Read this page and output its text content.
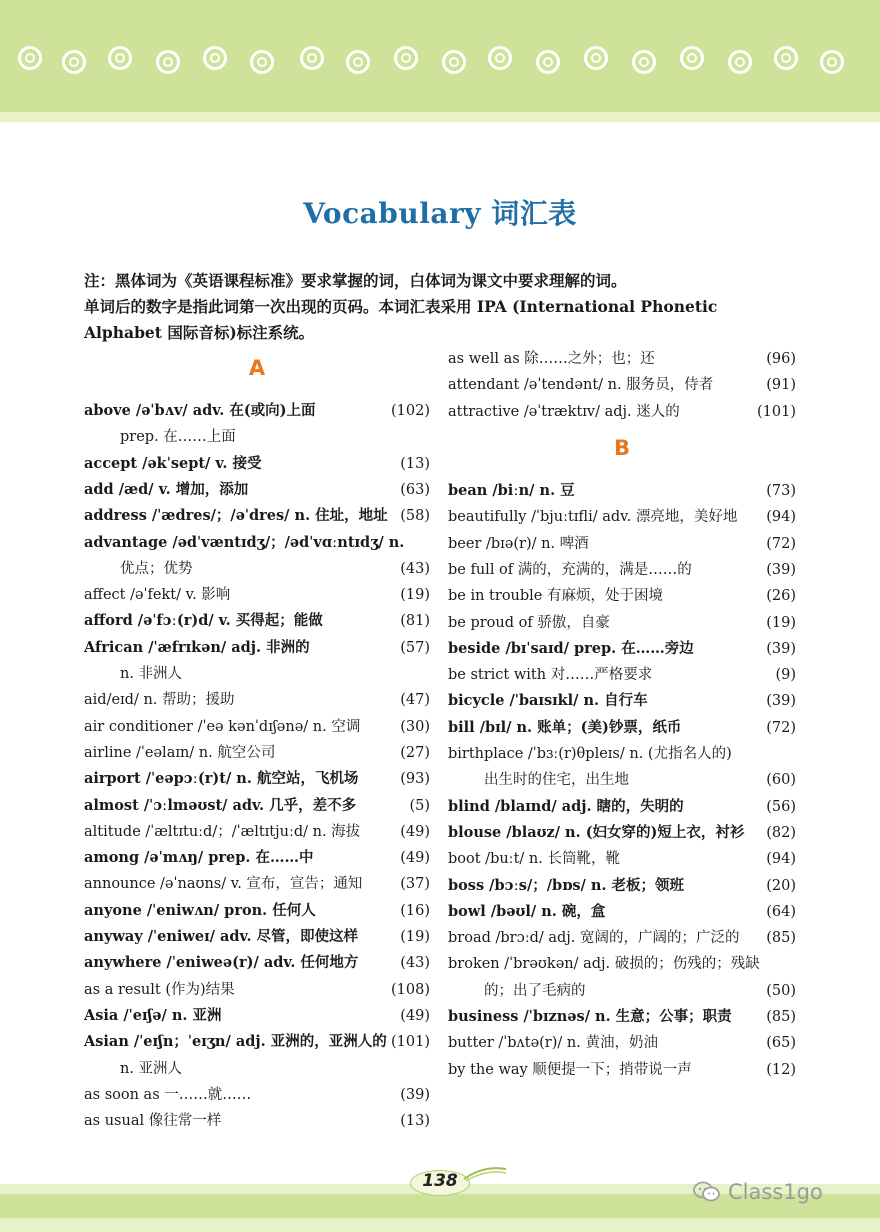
Vocabulary 词汇表
注：黑体词为《英语课程标准》要求掌握的词，白体词为课文中要求理解的词。
单词后的数字是指此词第一次出现的页码。本词汇表采用 IPA (International Phonetic
Alphabet 国际音标)标注系统。
A
above /əˈbʌv/ adv. 在(或向)上面	(102)
prep. 在……上面
accept /əkˈsept/ v. 接受	(13)
add /æd/ v. 增加，添加	(63)
address /ˈædres/；/əˈdres/ n. 住址，地址 (58)
advantage /ədˈvæntɪdʒ/；/ədˈvɑːntɪdʒ/ n.
优点；优势	(43)
affect /əˈfekt/ v. 影响	(19)
afford /əˈfɔː(r)d/ v. 买得起；能做	(81)
African /ˈæfrɪkən/ adj. 非洲的	(57)
n. 非洲人
aid/eɪd/ n. 帮助；援助	(47)
air conditioner /ˈeə kənˈdɪʃənə/ n. 空调	(30)
airline /ˈeəlaɪn/ n. 航空公司	(27)
airport /ˈeəpɔː(r)t/ n. 航空站，飞机场	(93)
almost /ˈɔːlməʊst/ adv. 几乎，差不多	(5)
altitude /ˈæltɪtuːd/；/ˈæltɪtjuːd/ n. 海拔	(49)
among /əˈmʌŋ/ prep. 在……中	(49)
announce /əˈnaʊns/ v. 宣布，宣告；通知	(37)
anyone /ˈeniwʌn/ pron. 任何人	(16)
anyway /ˈeniweɪ/ adv. 尽管，即使这样	(19)
anywhere /ˈeniweə(r)/ adv. 任何地方	(43)
as a result (作为)结果	(108)
Asia /ˈeɪʃə/ n. 亚洲	(49)
Asian /ˈeɪʃn；ˈeɪʒn/ adj. 亚洲的，亚洲人的 (101)
n. 亚洲人
as soon as 一……就……	(39)
as usual 像往常一样	(13)
B
as well as 除……之外；也；还	(96)
attendant /əˈtendənt/ n. 服务员，侍者	(91)
attractive /əˈtræktɪv/ adj. 迷人的	(101)
bean /biːn/ n. 豆	(73)
beautifully /ˈbjuːtɪfli/ adv. 漂亮地，美好地 (94)
beer /bɪə(r)/ n. 啤酒	(72)
be full of 满的，充满的，满是……的	(39)
be in trouble 有麻烦，处于困境	(26)
be proud of 骄傲，自豪	(19)
beside /bɪˈsaɪd/ prep. 在……旁边	(39)
be strict with 对……严格要求	(9)
bicycle /ˈbaɪsɪkl/ n. 自行车	(39)
bill /bɪl/ n. 账单；(美)钞票，纸币	(72)
birthplace /ˈbɜː(r)θpleɪs/ n. (尤指名人的)
出生时的住宅，出生地	(60)
blind /blaɪnd/ adj. 瞎的，失明的	(56)
blouse /blaʊz/ n. (妇女穿的)短上衣，衬衫 (82)
boot /buːt/ n. 长筒靴，靴	(94)
boss /bɔːs/；/bɒs/ n. 老板；领班	(20)
bowl /bəʊl/ n. 碗，盒	(64)
broad /brɔːd/ adj. 宽阔的，广阔的；广泛的 (85)
broken /ˈbrəʊkən/ adj. 破损的；伤残的；残缺
的；出了毛病的	(50)
business /ˈbɪznəs/ n. 生意；公事；职责 (85)
butter /ˈbʌtə(r)/ n. 黄油，奶油	(65)
by the way 顺便提一下；捎带说一声	(12)
138	Class1go
